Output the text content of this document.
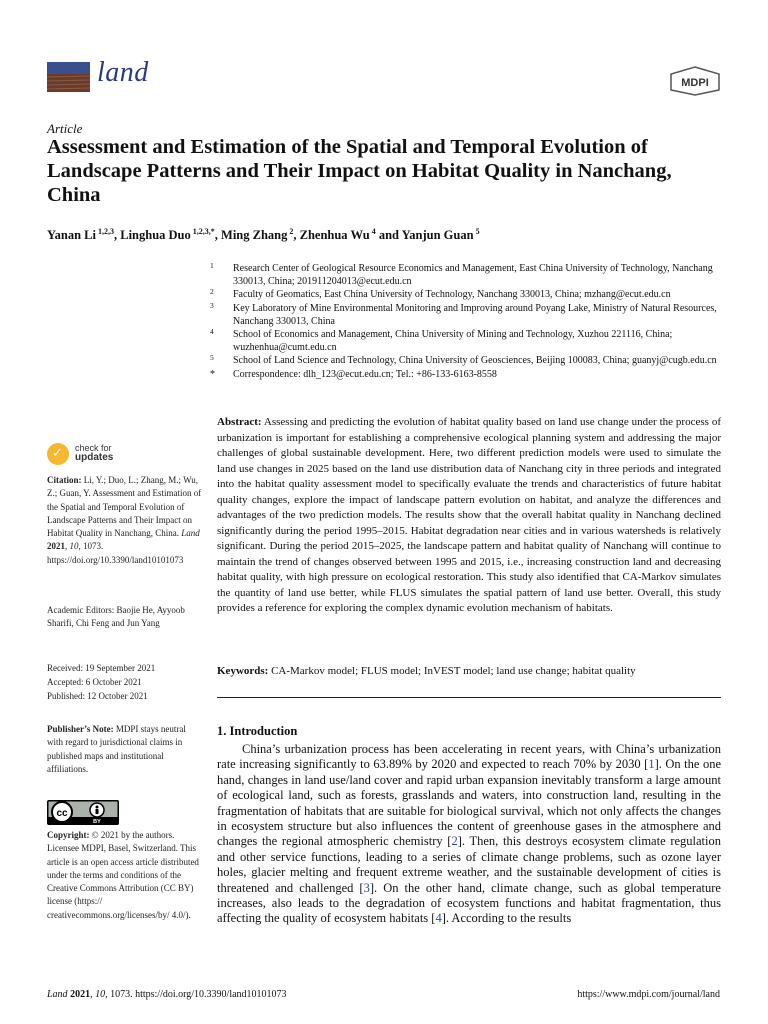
land	MDPI
Article
Assessment and Estimation of the Spatial and Temporal Evolution of Landscape Patterns and Their Impact on Habitat Quality in Nanchang, China
Yanan Li $^{1,2,3}$, Linghua Duo $^{1,2,3,*}$, Ming Zhang $^2$, Zhenhua Wu $^4$ and Yanjun Guan $^5$
1 Research Center of Geological Resource Economics and Management, East China University of Technology, Nanchang 330013, China; 201911204013@ecut.edu.cn
2 Faculty of Geomatics, East China University of Technology, Nanchang 330013, China; mzhang@ecut.edu.cn
3 Key Laboratory of Mine Environmental Monitoring and Improving around Poyang Lake, Ministry of Natural Resources, Nanchang 330013, China
4 School of Economics and Management, China University of Mining and Technology, Xuzhou 221116, China; wuzhenhua@cumt.edu.cn
5 School of Land Science and Technology, China University of Geosciences, Beijing 100083, China; guanyj@cugb.edu.cn
* Correspondence: dlh_123@ecut.edu.cn; Tel.: +86-133-6163-8558
✓ check for
updates
Citation: Li, Y.; Duo, L.; Zhang, M.; Wu, Z.; Guan, Y. Assessment and Estimation of the Spatial and Temporal Evolution of Landscape Patterns and Their Impact on Habitat Quality in Nanchang, China. Land 2021, 10, 1073. https://doi.org/10.3390/land10101073
Academic Editors: Baojie He, Ayyoob Sharifi, Chi Feng and Jun Yang
Received: 19 September 2021
Accepted: 6 October 2021
Published: 12 October 2021
Publisher’s Note: MDPI stays neutral with regard to jurisdictional claims in published maps and institutional affiliations.
cc
BY
Copyright: © 2021 by the authors. Licensee MDPI, Basel, Switzerland. This article is an open access article distributed under the terms and conditions of the Creative Commons Attribution (CC BY) license (https:// creativecommons.org/licenses/by/ 4.0/).
Abstract: Assessing and predicting the evolution of habitat quality based on land use change under the process of urbanization is important for establishing a comprehensive ecological planning system and addressing the major challenges of global sustainable development. Here, two different prediction models were used to simulate the land use changes in 2025 based on the land use distribution data of Nanchang city in three periods and integrated into the habitat quality assessment model to specifically evaluate the trends and characteristics of future habitat quality changes, explore the impact of landscape pattern evolution on habitat, and analyze the differences and advantages of the two prediction models. The results show that the overall habitat quality in Nanchang declined significantly during the period 1995–2015. Habitat degradation near cities and in various watersheds is relatively significant. During the period 2015–2025, the landscape pattern and habitat quality of Nanchang will continue to maintain the trend of changes observed between 1995 and 2015, i.e., increasing construction land and decreasing habitat quality, with high pressure on ecological restoration. This study also identified that CA-Markov simulates the quantity of land use better, while FLUS simulates the spatial pattern of land use better. Overall, this study provides a reference for exploring the complex dynamic evolution mechanism of habitats.
Keywords: CA-Markov model; FLUS model; InVEST model; land use change; habitat quality
1. Introduction
China’s urbanization process has been accelerating in recent years, with China’s urbanization rate increasing significantly to 63.89% by 2020 and expected to reach 70% by 2030 [1]. On the one hand, changes in land use/land cover and rapid urban expansion inevitably transform a large amount of ecological land, such as forests, grasslands and waters, into construction land, resulting in the fragmentation of habitats that are suitable for biological survival, which not only affects the changes in ecosystem structure but also influences the content of greenhouse gases in the atmosphere and changes the regional atmospheric chemistry [2]. Then, this destroys ecosystem climate regulation and other service functions, leading to a series of climate change problems, such as ozone layer holes, glacier melting and frequent extreme weather, and the sustainable development of cities is threatened and challenged [3]. On the other hand, climate change, such as global temperature increases, also leads to the degradation of ecosystem functions and habitat fragmentation, thus affecting the quality of ecosystem habitats [4]. According to the results
Land 2021, 10, 1073. https://doi.org/10.3390/land10101073	https://www.mdpi.com/journal/land
